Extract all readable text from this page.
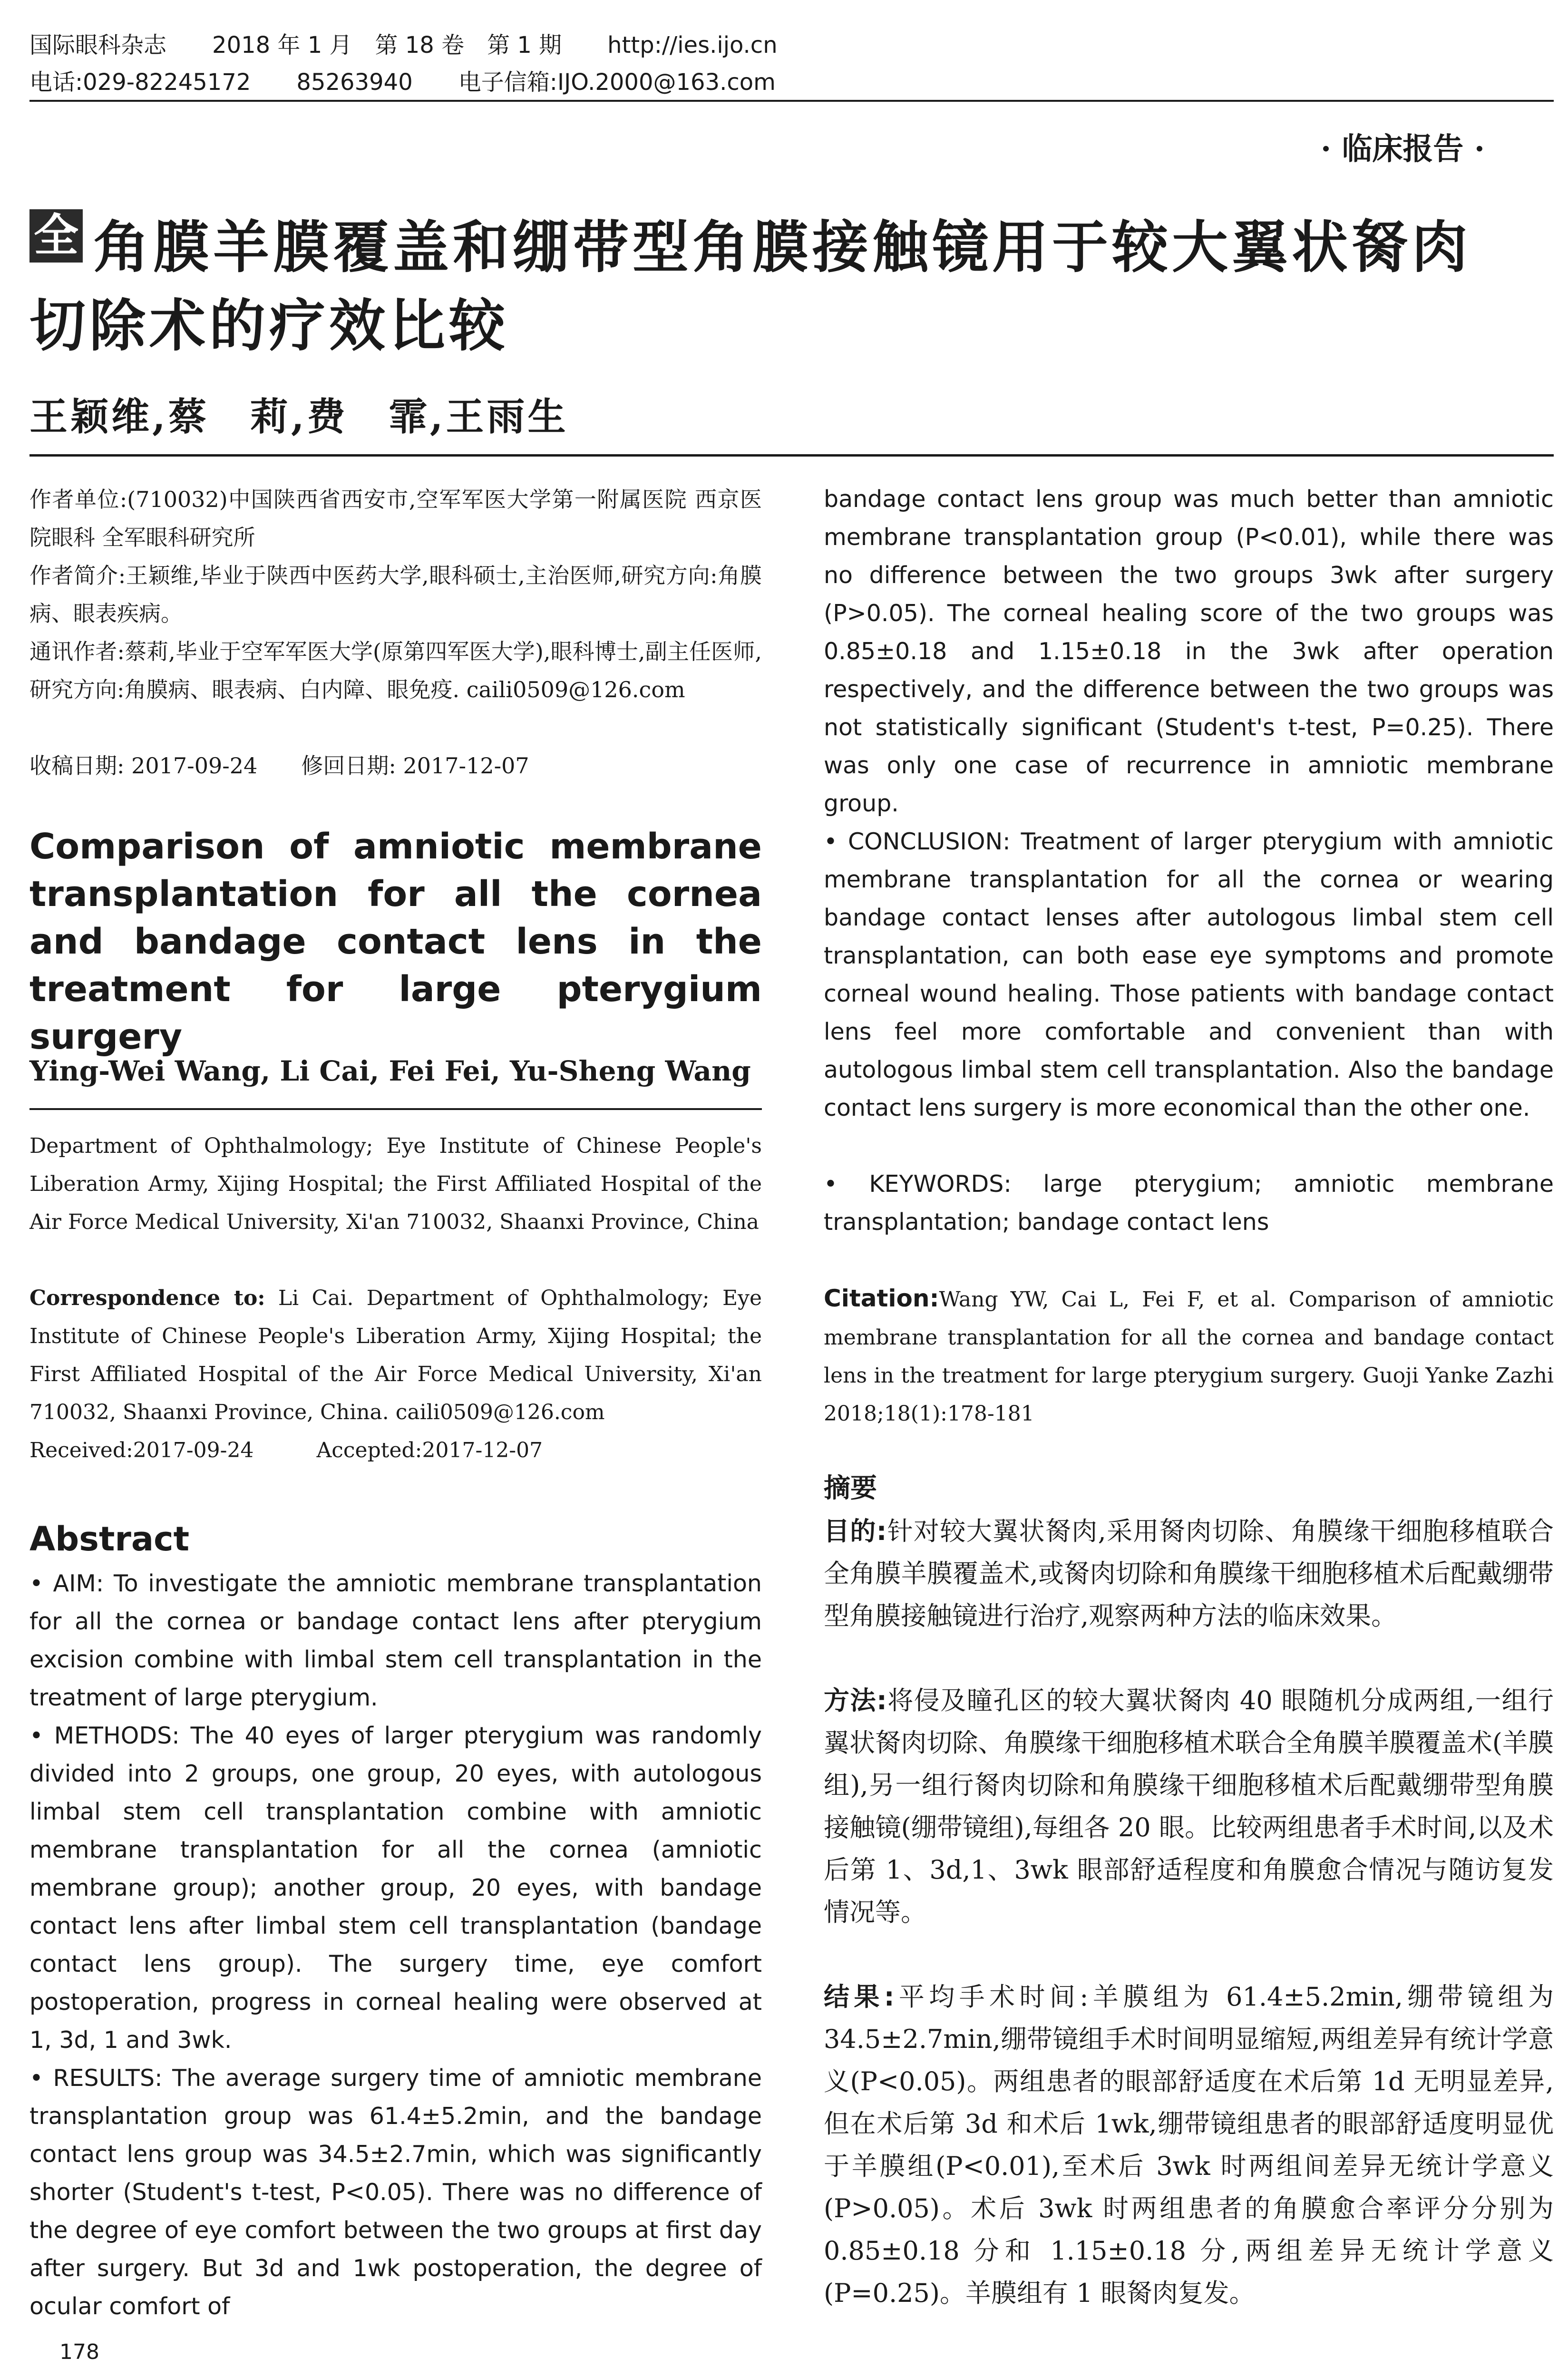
国际眼科杂志　　 2018 年 1 月　第 18 卷　第 1 期　　 http://ies.ijo.cn
电话:029-82245172　　85263940　　 电子信箱:IJO.2000@163.com
· 临床报告 ·
全 角膜羊膜覆盖和绷带型角膜接触镜用于较大翼状胬肉
切除术的疗效比较
王颖维,蔡　莉,费　霏,王雨生

作者单位:(710032)中国陕西省西安市,空军军医大学第一附属医院 西京医院眼科 全军眼科研究所

作者简介:王颖维,毕业于陕西中医药大学,眼科硕士,主治医师,研究方向:角膜病、眼表疾病。

通讯作者:蔡莉,毕业于空军军医大学(原第四军医大学),眼科博士,副主任医师,研究方向:角膜病、眼表病、白内障、眼免疫. caili0509@126.com

收稿日期: 2017-09-24　　 修回日期: 2017-12-07

Comparison of amniotic membrane transplantation for all the cornea and bandage contact lens in the treatment for large pterygium surgery

Ying-Wei Wang, Li Cai, Fei Fei, Yu-Sheng Wang

Department of Ophthalmology; Eye Institute of Chinese People's Liberation Army, Xijing Hospital; the First Affiliated Hospital of the Air Force Medical University, Xi'an 710032, Shaanxi Province, China

Correspondence to: Li Cai. Department of Ophthalmology; Eye Institute of Chinese People's Liberation Army, Xijing Hospital; the First Affiliated Hospital of the Air Force Medical University, Xi'an 710032, Shaanxi Province, China. caili0509@126.com

Received:2017-09-24　　　	Accepted:2017-12-07
Abstract

• AIM: To investigate the amniotic membrane transplantation for all the cornea or bandage contact lens after pterygium excision combine with limbal stem cell transplantation in the treatment of large pterygium.

• METHODS: The 40 eyes of larger pterygium was randomly divided into 2 groups, one group, 20 eyes, with autologous limbal stem cell transplantation combine with amniotic membrane transplantation for all the cornea (amniotic membrane group); another group, 20 eyes, with bandage contact lens after limbal stem cell transplantation (bandage contact lens group). The surgery time, eye comfort postoperation, progress in corneal healing were observed at 1, 3d, 1 and 3wk.

• RESULTS: The average surgery time of amniotic membrane transplantation group was 61.4±5.2min, and the bandage contact lens group was 34.5±2.7min, which was significantly shorter (Student's t-test, P<0.05). There was no difference of the degree of eye comfort between the two groups at first day after surgery. But 3d and 1wk postoperation, the degree of ocular comfort of

178

bandage contact lens group was much better than amniotic membrane transplantation group (P<0.01), while there was no difference between the two groups 3wk after surgery (P>0.05). The corneal healing score of the two groups was 0.85±0.18 and 1.15±0.18 in the 3wk after operation respectively, and the difference between the two groups was not statistically significant (Student's t-test, P=0.25). There was only one case of recurrence in amniotic membrane group.

• CONCLUSION: Treatment of larger pterygium with amniotic membrane transplantation for all the cornea or wearing bandage contact lenses after autologous limbal stem cell transplantation, can both ease eye symptoms and promote corneal wound healing. Those patients with bandage contact lens feel more comfortable and convenient than with autologous limbal stem cell transplantation. Also the bandage contact lens surgery is more economical than the other one.

• KEYWORDS: large pterygium; amniotic membrane transplantation; bandage contact lens

Citation:Wang YW, Cai L, Fei F, et al. Comparison of amniotic membrane transplantation for all the cornea and bandage contact lens in the treatment for large pterygium surgery. Guoji Yanke Zazhi 2018;18(1):178-181

摘要

目的:针对较大翼状胬肉,采用胬肉切除、角膜缘干细胞移植联合全角膜羊膜覆盖术,或胬肉切除和角膜缘干细胞移植术后配戴绷带型角膜接触镜进行治疗,观察两种方法的临床效果。

方法:将侵及瞳孔区的较大翼状胬肉 40 眼随机分成两组,一组行翼状胬肉切除、角膜缘干细胞移植术联合全角膜羊膜覆盖术(羊膜组),另一组行胬肉切除和角膜缘干细胞移植术后配戴绷带型角膜接触镜(绷带镜组),每组各 20 眼。比较两组患者手术时间,以及术后第 1、3d,1、3wk 眼部舒适程度和角膜愈合情况与随访复发情况等。

结果:平均手术时间:羊膜组为 61.4±5.2min,绷带镜组为 34.5±2.7min,绷带镜组手术时间明显缩短,两组差异有统计学意义(P<0.05)。两组患者的眼部舒适度在术后第 1d 无明显差异,但在术后第 3d 和术后 1wk,绷带镜组患者的眼部舒适度明显优于羊膜组(P<0.01),至术后 3wk 时两组间差异无统计学意义(P>0.05)。术后 3wk 时两组患者的角膜愈合率评分分别为 0.85±0.18 分和 1.15±0.18 分,两组差异无统计学意义(P=0.25)。羊膜组有 1 眼胬肉复发。
